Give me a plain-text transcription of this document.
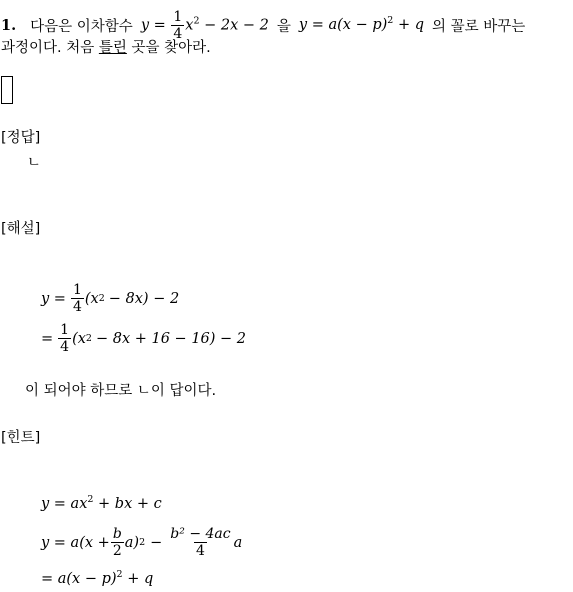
1. 다음은 이차함수 $y = \frac{1}{4} x^2 - 2x - 2$ 을 $y = a(x - p)^2 + q$ 의 꼴로 바꾸는
과정이다. 처음 틀린 곳을 찾아라.
[정답]
ㄴ
[해설]
$y = \frac{1}{4} (x$ 2 − 8x) − 2
= $\frac{1}{4} (x$ 2 − 8x + 16 − 16) − 2
이 되어야 하므로 ㄴ이 답이다.
[힌트]
$y = ax^2$ + bx + c
$y = a(x + \frac{b}{2} a)$ $2 - \frac{\text{b² − 4ac}}{4}$ a
= $a(x - p)^2 + q$
